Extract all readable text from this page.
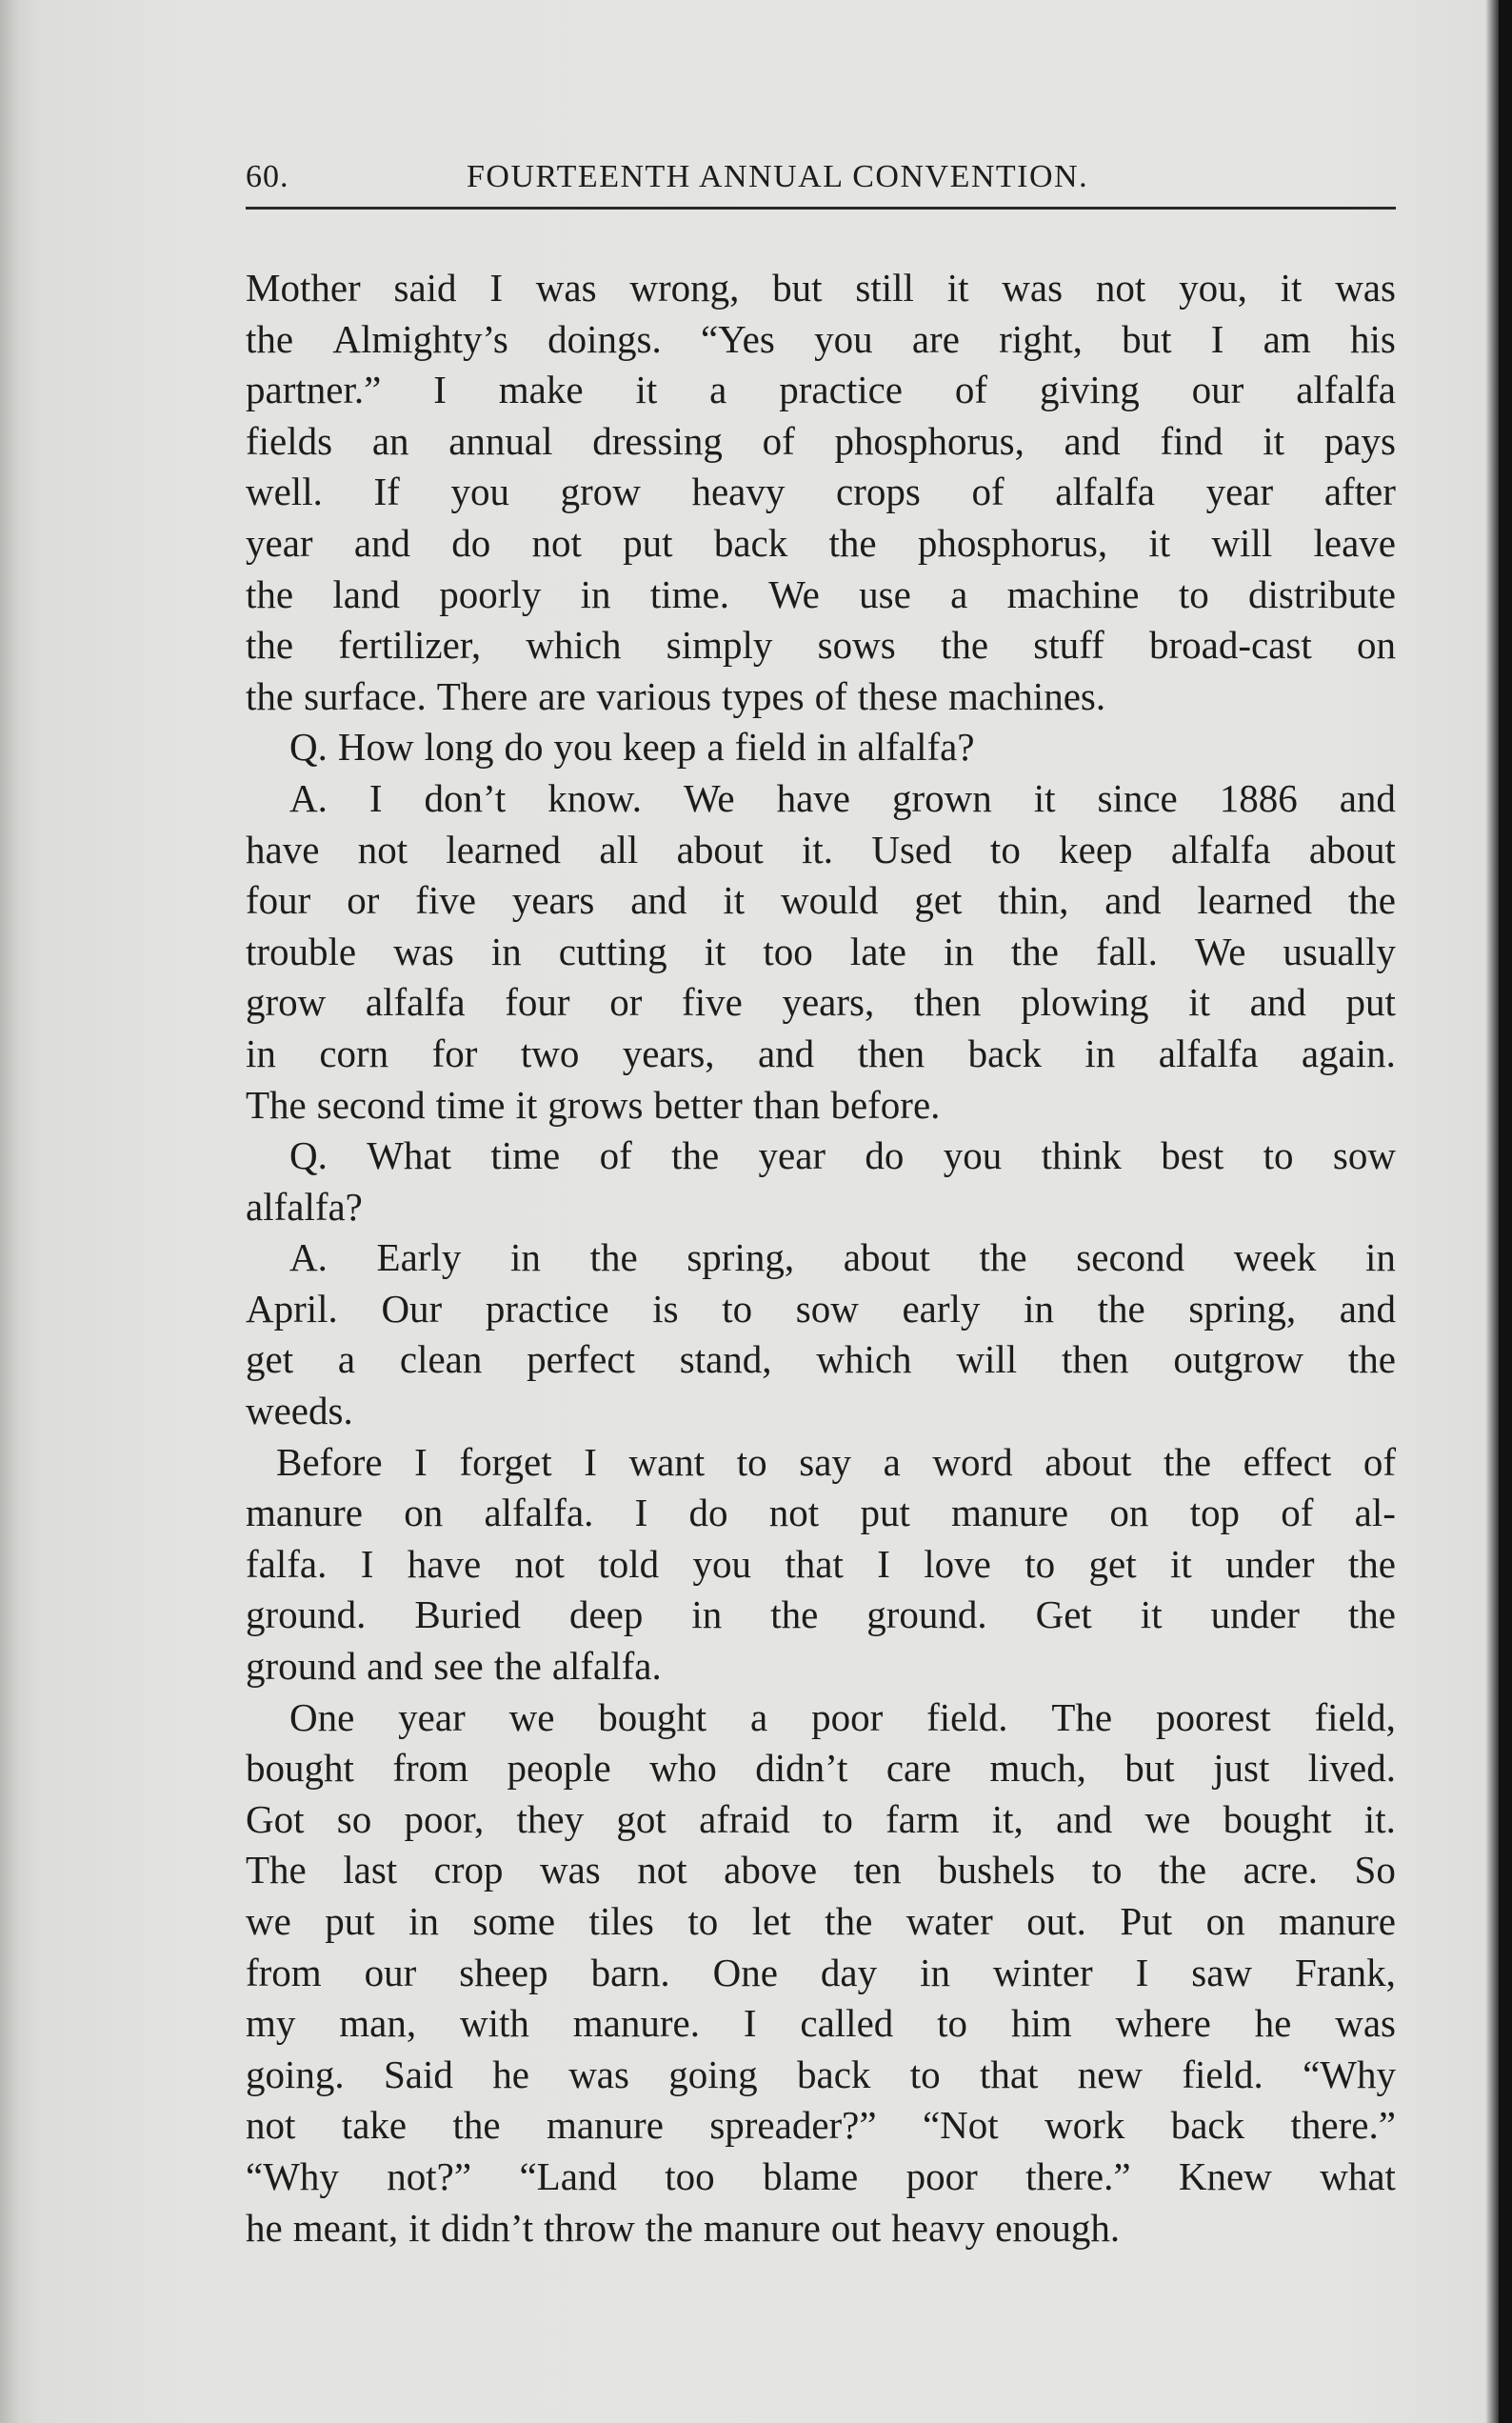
60.	FOURTEENTH ANNUAL CONVENTION.
Mother said I was wrong, but still it was not you, it was
the Almighty’s doings. “Yes you are right, but I am his
partner.” I make it a practice of giving our alfalfa
fields an annual dressing of phosphorus, and find it pays
well. If you grow heavy crops of alfalfa year after
year and do not put back the phosphorus, it will leave
the land poorly in time. We use a machine to distribute
the fertilizer, which simply sows the stuff broad-cast on
the surface. There are various types of these machines.
Q. How long do you keep a field in alfalfa?
A. I don’t know. We have grown it since 1886 and
have not learned all about it. Used to keep alfalfa about
four or five years and it would get thin, and learned the
trouble was in cutting it too late in the fall. We usually
grow alfalfa four or five years, then plowing it and put
in corn for two years, and then back in alfalfa again.
The second time it grows better than before.
Q. What time of the year do you think best to sow
alfalfa?
A. Early in the spring, about the second week in
April. Our practice is to sow early in the spring, and
get a clean perfect stand, which will then outgrow the
weeds.
Before I forget I want to say a word about the effect of
manure on alfalfa. I do not put manure on top of al-
falfa. I have not told you that I love to get it under the
ground. Buried deep in the ground. Get it under the
ground and see the alfalfa.
One year we bought a poor field. The poorest field,
bought from people who didn’t care much, but just lived.
Got so poor, they got afraid to farm it, and we bought it.
The last crop was not above ten bushels to the acre. So
we put in some tiles to let the water out. Put on manure
from our sheep barn. One day in winter I saw Frank,
my man, with manure. I called to him where he was
going. Said he was going back to that new field. “Why
not take the manure spreader?” “Not work back there.”
“Why not?” “Land too blame poor there.” Knew what
he meant, it didn’t throw the manure out heavy enough.
